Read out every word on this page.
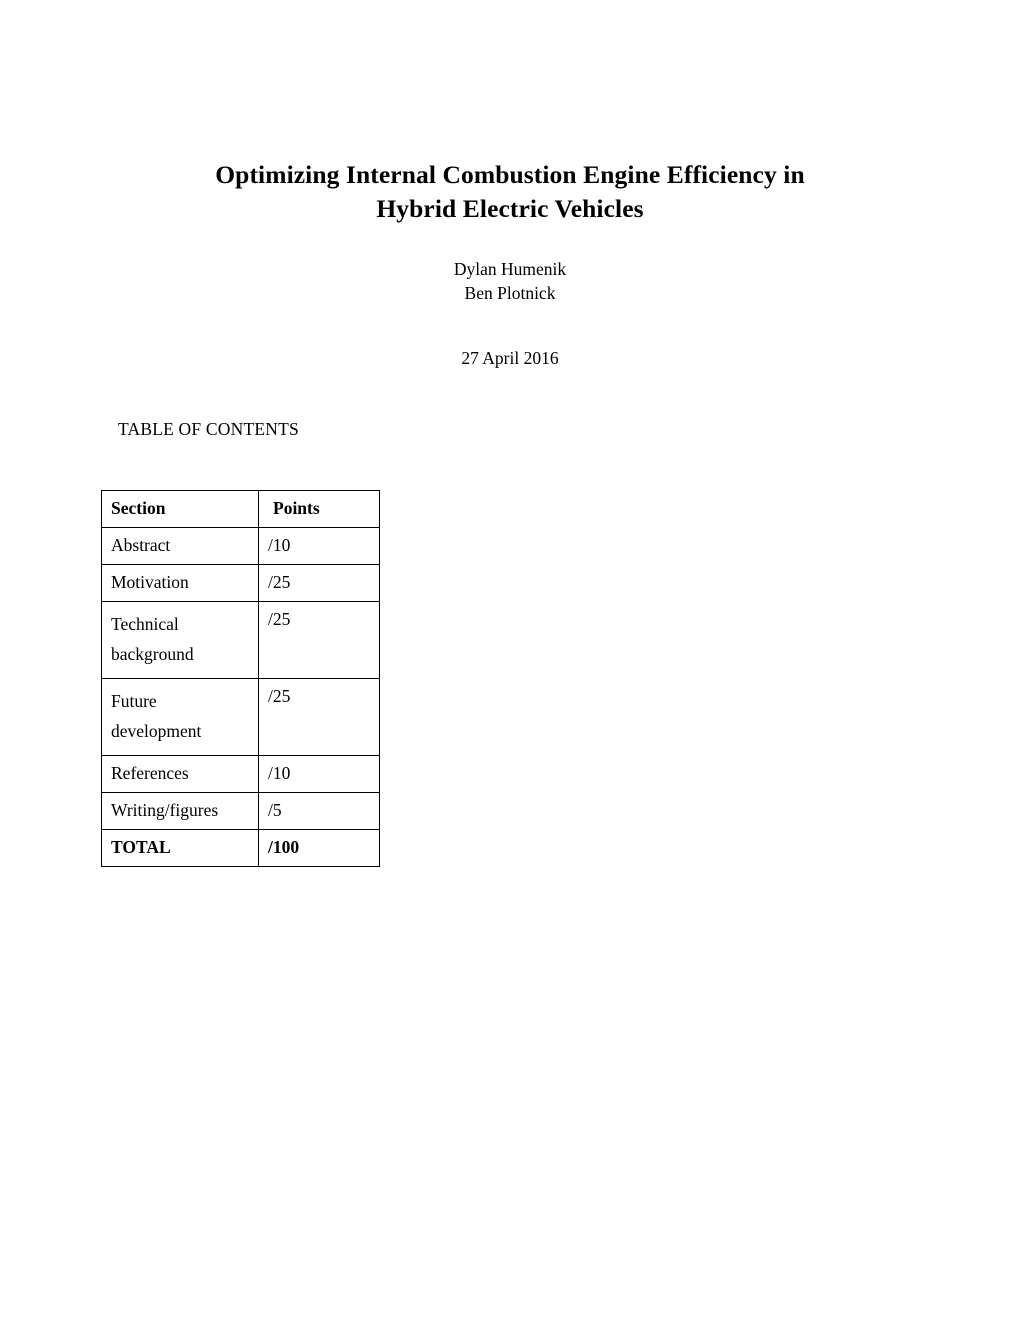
Optimizing Internal Combustion Engine Efficiency in
Hybrid Electric Vehicles
Dylan Humenik
Ben Plotnick
27 April 2016
TABLE OF CONTENTS
Section	Points
Abstract	/10
Motivation	/25

Technical background	/25

Future development	/25
References	/10
Writing/figures	/5
TOTAL	/100
